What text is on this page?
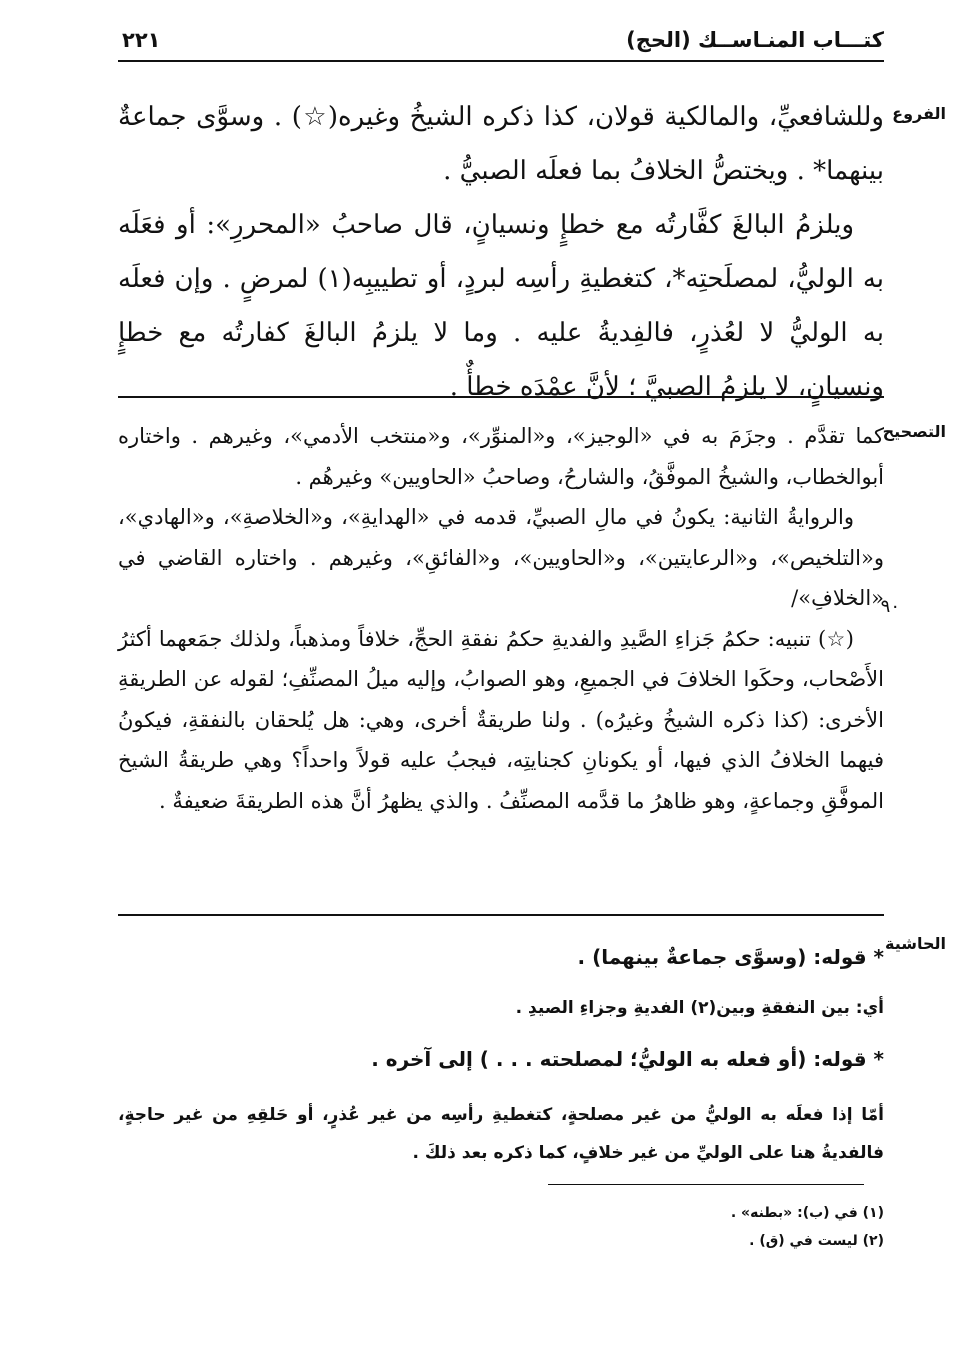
كتـــاب المنـاســك (الحج)
٢٢١
الفروع
التصحيح
الحاشية
٩٠

وللشافعيِّ، والمالكية قولان، كذا ذكره الشيخُ وغيره(☆) . وسوَّى جماعةٌ بينهما* . ويختصُّ الخلافُ بما فعلَه الصبيُّ .

ويلزمُ البالغَ كفَّارتُه مع خطإٍ ونسيانٍ، قال صاحبُ «المحررِ»: أو فعَلَه به الوليُّ، لمصلَحتِه*، كتغطيةِ رأسِه لبردٍ، أو تطييبِه(١) لمرضٍ . وإن فعلَه به الوليُّ لا لعُذرٍ، فالفِديةُ عليه . وما لا يلزمُ البالغَ كفارتُه مع خطإٍ ونسيانٍ، لا يلزمُ الصبيَّ ؛ لأنَّ عمْدَه خطأٌ .

كما تقدَّم . وجزَمَ به في «الوجيز»، و«المنوِّر»، و«منتخب الأدمي»، وغيرهم . واختاره أبوالخطاب، والشيخُ الموفَّقُ، والشارحُ، وصاحبُ «الحاويين» وغيرهُم .

والروايةُ الثانية: يكونُ في مالِ الصبيِّ، قدمه في «الهدايةِ»، و«الخلاصةِ»، و«الهادي»، و«التلخيص»، و«الرعايتين»، و«الحاويين»، و«الفائقِ»، وغيرهم . واختاره القاضي في «الخلافِ»/

(☆) تنبيه: حكمُ جَزاءِ الصَّيدِ والفديةِ حكمُ نفقةِ الحجِّ، خلافاً ومذهباً، ولذلك جمَعهما أكثرُ الأَصْحاب، وحكَوا الخلافَ في الجميعِ، وهو الصوابُ، وإليه ميلُ المصنِّفِ؛ لقوله عن الطريقةِ الأخرى: (كذا ذكره الشيخُ وغيرُه) . ولنا طريقةٌ أخرى، وهي: هل يُلحقان بالنفقةِ، فيكونُ فيهما الخلافُ الذي فيها، أو يكونانِ كجنايتِه، فيجبُ عليه قولاً واحداً؟ وهي طريقةُ الشيخ الموفَّقِ وجماعةٍ، وهو ظاهرُ ما قدَّمه المصنِّفُ . والذي يظهرُ أنَّ هذه الطريقةَ ضعيفةٌ .

* قوله: (وسوَّى جماعةٌ بينهما) .

أي: بين النفقةِ وبين(٢) الفديةِ وجزاءِ الصيدِ .

* قوله: (أو فعله به الوليُّ؛ لمصلحته . . . ) إلى آخره .

أمّا إذا فعلَه به الوليُّ من غير مصلحةٍ، كتغطيةِ رأسِه من غير عُذرٍ، أو حَلقِهِ من غير حاجةٍ، فالفديةُ هنا على الوليِّ من غير خلافٍ، كما ذكره بعد ذلكَ .

(١) في (ب): «بطنه» .
(٢) ليست في (ق) .
